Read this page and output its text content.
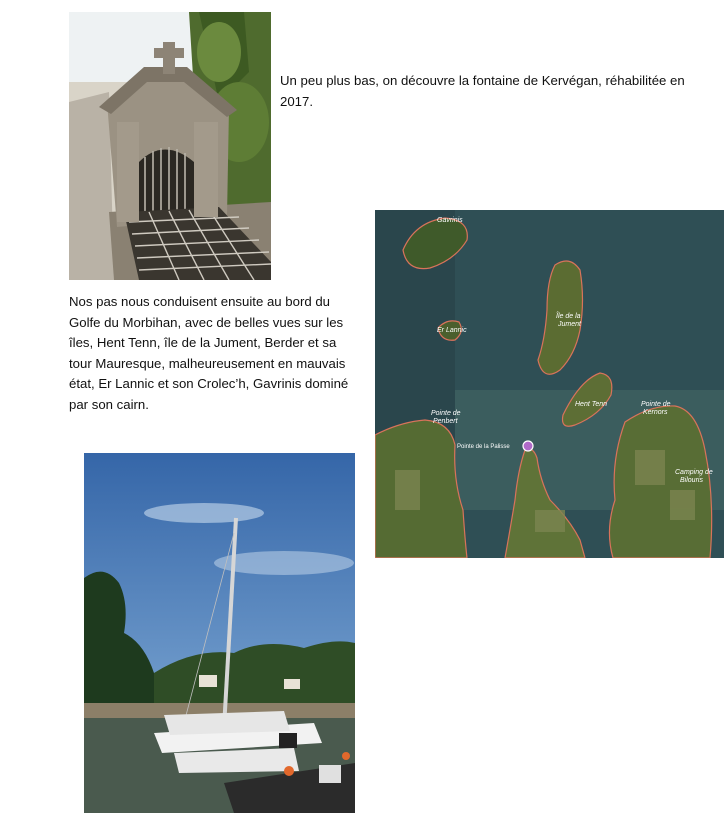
Un peu plus bas, on découvre la fontaine de Kervégan, réhabilitée en 2017.

Nos pas nous conduisent ensuite au bord du Golfe du Morbihan, avec de belles vues sur les îles, Hent Tenn, île de la Jument, Berder et sa tour Mauresque, malheureusement en mauvais état, Er Lannic et son Crolec’h, Gavrinis dominé par son cairn.

Gavrinis
Er Lannic
Île de la
Jument
Hent Tenn
Pointe de
Penbert
Pointe de la Palisse
Pointe de
Kernors
Camping de
Bilouris
